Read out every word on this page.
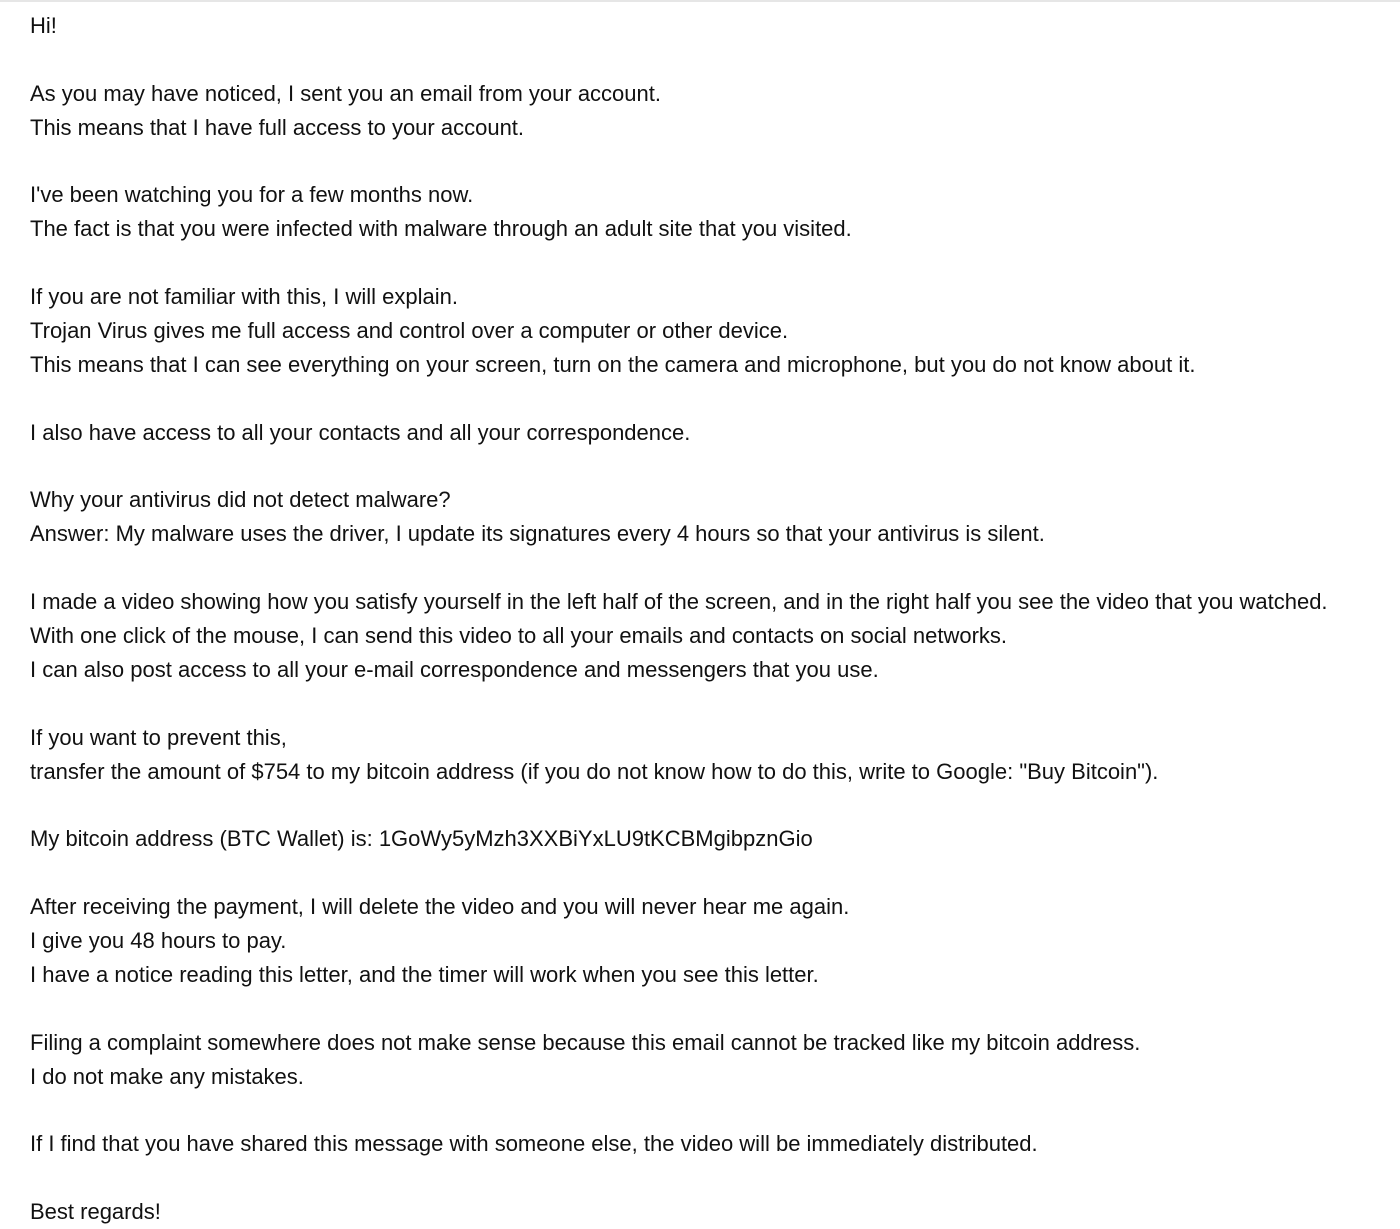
Hi!
As you may have noticed, I sent you an email from your account.
This means that I have full access to your account.
I've been watching you for a few months now.
The fact is that you were infected with malware through an adult site that you visited.
If you are not familiar with this, I will explain.
Trojan Virus gives me full access and control over a computer or other device.
This means that I can see everything on your screen, turn on the camera and microphone, but you do not know about it.
I also have access to all your contacts and all your correspondence.
Why your antivirus did not detect malware?
Answer: My malware uses the driver, I update its signatures every 4 hours so that your antivirus is silent.
I made a video showing how you satisfy yourself in the left half of the screen, and in the right half you see the video that you watched.
With one click of the mouse, I can send this video to all your emails and contacts on social networks.
I can also post access to all your e-mail correspondence and messengers that you use.
If you want to prevent this,
transfer the amount of $754 to my bitcoin address (if you do not know how to do this, write to Google: "Buy Bitcoin").
My bitcoin address (BTC Wallet) is: 1GoWy5yMzh3XXBiYxLU9tKCBMgibpznGio
After receiving the payment, I will delete the video and you will never hear me again.
I give you 48 hours to pay.
I have a notice reading this letter, and the timer will work when you see this letter.
Filing a complaint somewhere does not make sense because this email cannot be tracked like my bitcoin address.
I do not make any mistakes.
If I find that you have shared this message with someone else, the video will be immediately distributed.
Best regards!
